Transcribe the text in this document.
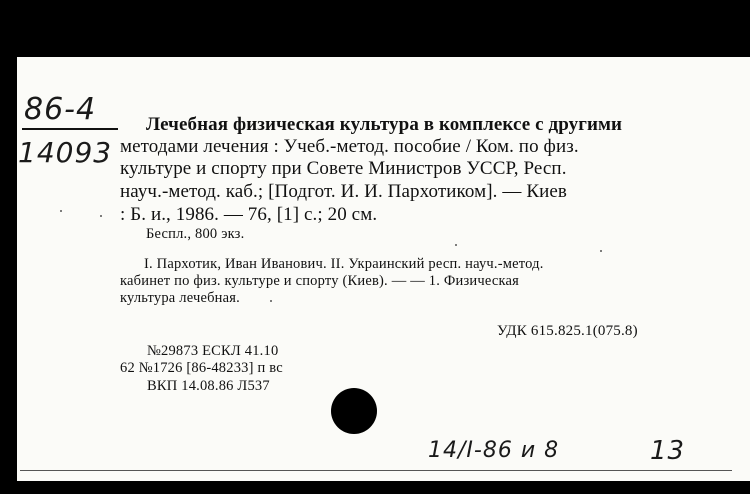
86-4
14093
Лечебная физическая культура в комплексе с другими
методами лечения : Учеб.-метод. пособие / Ком. по физ.
культуре и спорту при Совете Министров УССР, Респ.
науч.-метод. каб.; [Подгот. И. И. Пархотиком]. — Киев
: Б. и., 1986. — 76, [1] с.; 20 см.
Беспл., 800 экз.
I. Пархотик, Иван Иванович. II. Украинский респ. науч.-метод.
кабинет по физ. культуре и спорту (Киев). — — 1. Физическая
культура лечебная.
УДК 615.825.1(075.8)
№29873 ЕСКЛ 41.10
62 №1726 [86-48233] п вс
ВКП 14.08.86 Л537
14/I-86 и 8	13
